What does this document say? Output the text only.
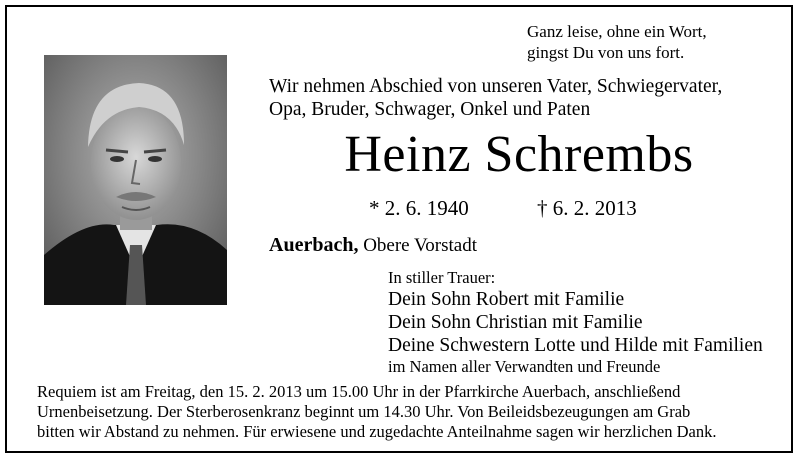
Ganz leise, ohne ein Wort,
gingst Du von uns fort.
Wir nehmen Abschied von unseren Vater, Schwiegervater,
Opa, Bruder, Schwager, Onkel und Paten
Heinz Schrembs
* 2. 6. 1940	† 6. 2. 2013
Auerbach, Obere Vorstadt
In stiller Trauer:
Dein Sohn Robert mit Familie
Dein Sohn Christian mit Familie
Deine Schwestern Lotte und Hilde mit Familien
im Namen aller Verwandten und Freunde
Requiem ist am Freitag, den 15. 2. 2013 um 15.00 Uhr in der Pfarrkirche Auerbach, anschließend
Urnenbeisetzung. Der Sterberosenkranz beginnt um 14.30 Uhr. Von Beileidsbezeugungen am Grab
bitten wir Abstand zu nehmen. Für erwiesene und zugedachte Anteilnahme sagen wir herzlichen Dank.
